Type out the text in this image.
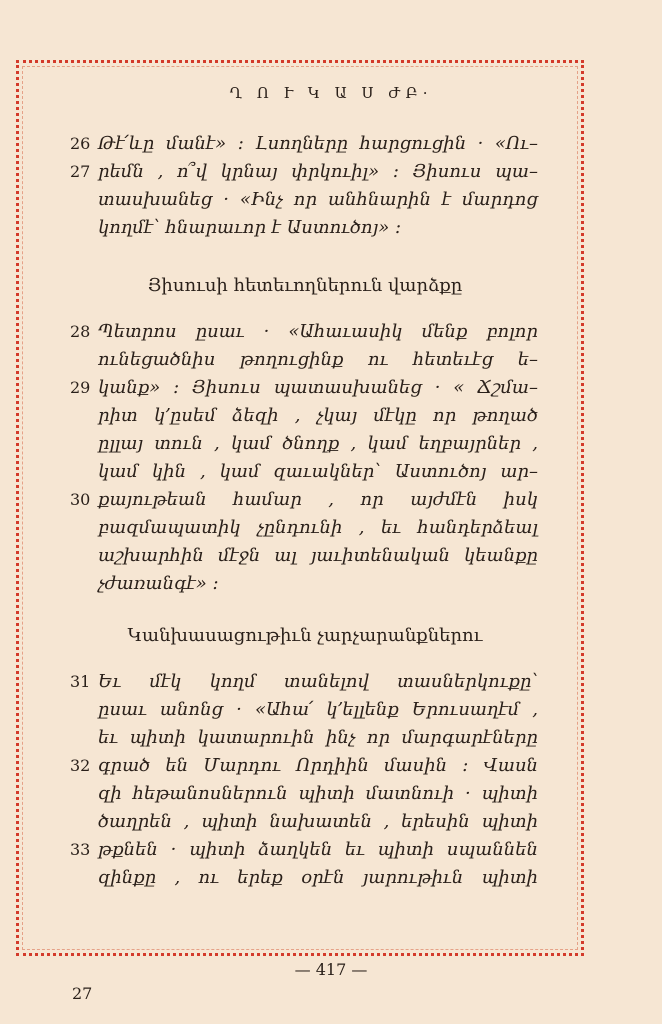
Ղ Ո Ւ Կ Ա Ս ԺԲ·
26 Թէ՛ևը մանէ» ։ Լսողները հարցուցին · «Ու–
27 րեմն , ո՞վ կրնայ փրկուիլ» ։ Յիսուս պա–
տասխանեց · «Ինչ որ անհնարին է մարդոց
կողմէ՝ հնարաւոր է Աստուծոյ» ։
Յիսուսի հետեւողներուն վարձքը
28 Պետրոս ըսաւ · «Ահաւասիկ մենք բոլոր
ունեցածնիս թողուցինք ու հետեւէց ե–
29 կանք» ։ Յիսուս պատասխանեց · « Ճշմա–
րիտ կ՚ըսեմ ձեզի , չկայ մէկը որ թողած
ըլլայ տուն , կամ ծնողք , կամ եղբայրներ ,
կամ կին , կամ զաւակներ՝ Աստուծոյ ար–
30 քայութեան համար , որ այժմէն իսկ
բազմապատիկ չընդունի , եւ հանդերձեալ
աշխարհին մէջն ալ յաւիտենական կեանքը
չժառանգէ» ։
Կանխասացութիւն չարչարանքներու
31 Եւ մէկ կողմ տանելով տասներկուքը՝
ըսաւ անոնց · «Ահա՛ կ՚ելլենք Երուսաղէմ ,
եւ պիտի կատարուին ինչ որ մարգարէները
32 գրած են Մարդու Որդիին մասին ։ Վասն
զի հեթանոսներուն պիտի մատնուի · պիտի
ծաղրեն , պիտի նախատեն , երեսին պիտի
33 թքնեն · պիտի ձաղկեն եւ պիտի սպաննեն
զինքը , ու երեք օրէն յարութիւն պիտի
— 417 —
27
